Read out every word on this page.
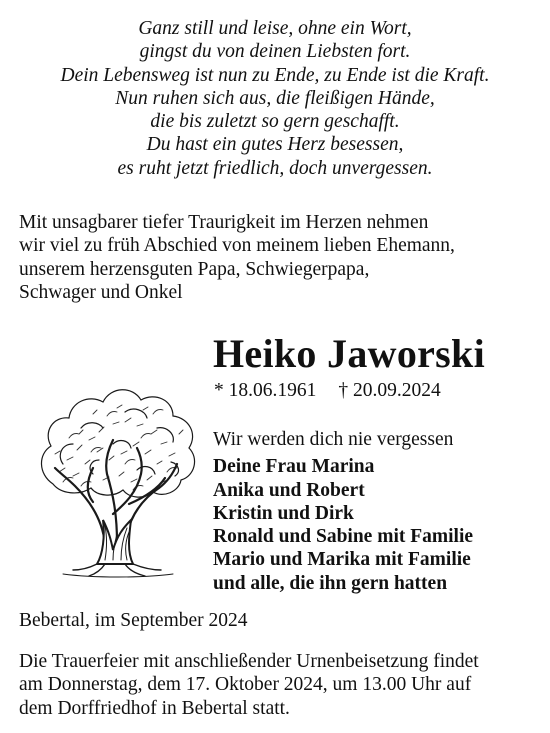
Ganz still und leise, ohne ein Wort,
gingst du von deinen Liebsten fort.
Dein Lebensweg ist nun zu Ende, zu Ende ist die Kraft.
Nun ruhen sich aus, die fleißigen Hände,
die bis zuletzt so gern geschafft.
Du hast ein gutes Herz besessen,
es ruht jetzt friedlich, doch unvergessen.
Mit unsagbarer tiefer Traurigkeit im Herzen nehmen
wir viel zu früh Abschied von meinem lieben Ehemann,
unserem herzensguten Papa, Schwiegerpapa,
Schwager und Onkel
Heiko Jaworski
* 18.06.1961 † 20.09.2024
Wir werden dich nie vergessen
Deine Frau Marina
Anika und Robert
Kristin und Dirk
Ronald und Sabine mit Familie
Mario und Marika mit Familie
und alle, die ihn gern hatten
Bebertal, im September 2024
Die Trauerfeier mit anschließender Urnenbeisetzung findet
am Donnerstag, dem 17. Oktober 2024, um 13.00 Uhr auf
dem Dorffriedhof in Bebertal statt.
